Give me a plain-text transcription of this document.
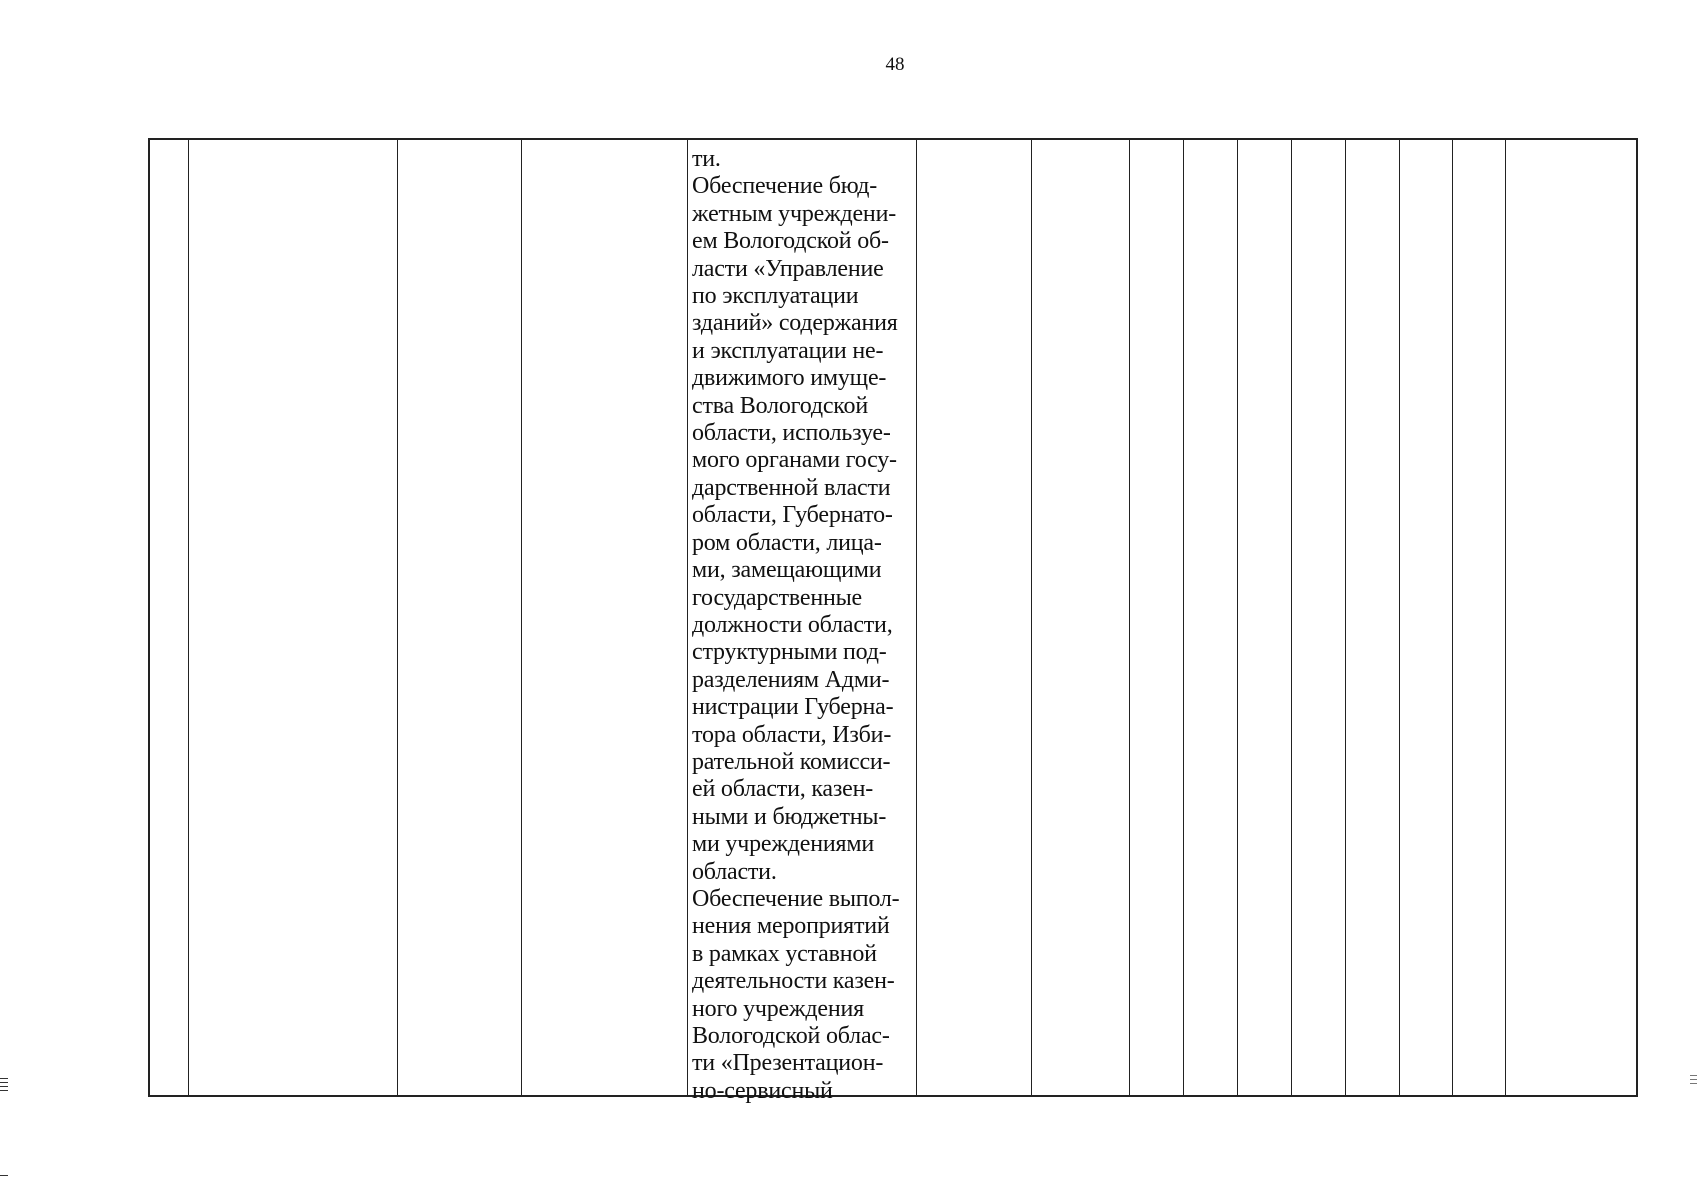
48
ти.
Обеспечение бюд-
жетным учреждени-
ем Вологодской об-
ласти «Управление
по эксплуатации
зданий» содержания
и эксплуатации не-
движимого имуще-
ства Вологодской
области, используе-
мого органами госу-
дарственной власти
области, Губернато-
ром области, лица-
ми, замещающими
государственные
должности области,
структурными под-
разделениям Адми-
нистрации Губерна-
тора области, Изби-
рательной комисси-
ей области, казен-
ными и бюджетны-
ми учреждениями
области.
Обеспечение выпол-
нения мероприятий
в рамках уставной
деятельности казен-
ного учреждения
Вологодской облас-
ти «Презентацион-
но-сервисный
